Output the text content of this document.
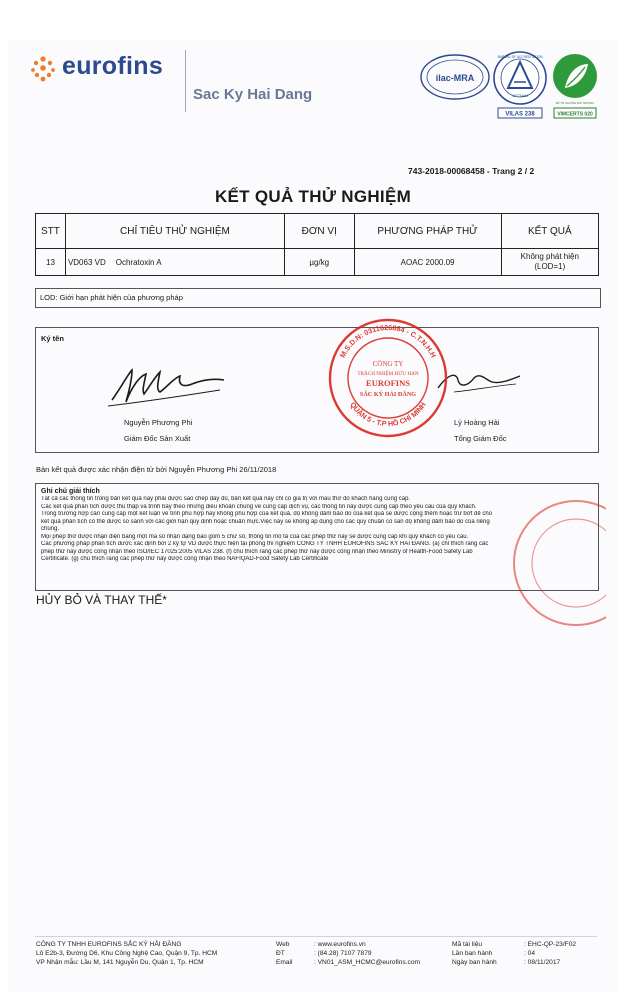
eurofins
Sac Ky Hai Dang
ilac-MRA
BUREAU OF ACCREDITATION
VIETNAM
VILAS 238
BỘ TÀI NGUYÊN MÔI TRƯỜNG
VIMCERTS 020
743-2018-00068458 - Trang 2 / 2
KẾT QUẢ THỬ NGHIỆM
STT	CHỈ TIÊU THỬ NGHIỆM		ĐƠN VỊ	PHƯƠNG PHÁP THỬ	KẾT QUẢ
13	VD063 VD	Ochratoxin A	µg/kg	AOAC 2000.09	Không phát hiện
(LOD=1)
LOD: Giới hạn phát hiện của phương pháp
Ký tên
Nguyễn Phương Phi
Giám Đốc Sản Xuất
Lý Hoàng Hải
Tổng Giám Đốc
M.S.D.N: 0311626884 - C.T.N.H.H
QUẬN 5 - T.P HỒ CHÍ MINH
CÔNG TY
TRÁCH NHIỆM HỮU HẠN
EUROFINS
SẮC KÝ HẢI ĐĂNG
Bản kết quả được xác nhận điện tử bởi Nguyễn Phương Phi 26/11/2018
Ghi chú giải thích
Tất cả các thông tin trong bản kết quả này phải được sao chép đầy đủ, bản kết quả này chỉ có giá trị với mẫu thử do khách hàng cung cấp.
Các kết quả phân tích được thu thập và trình bày theo những điều khoản chung về cung cấp dịch vụ, các thông tin này được cung cấp theo yêu cầu của quý khách.
Trong trường hợp cần cung cấp một kết luận về tính phù hợp hay không phù hợp của kết quả, độ không đảm bảo đo của kết quả sẽ được cộng thêm hoặc trừ bớt để cho
kết quả phân tích có thể được so sánh với các giới hạn quy định hoặc chuẩn mực.Việc này sẽ không áp dụng cho các quy chuẩn có sẵn độ không đảm bảo đo của riêng
chúng.
Mọi phép thử được nhận diện bằng một mã số nhận dạng bao gồm 5 chữ số, thông tin mô tả của các phép thử này sẽ được cung cấp khi quý khách có yêu cầu.
Các phương pháp phân tích được xác định bởi 2 ký tự VD được thực hiện tại phòng thí nghiệm CÔNG TY TNHH EUROFINS SẮC KÝ HẢI ĐĂNG. (a) chỉ thích rằng các
phép thử này được công nhận theo ISO/IEC 17025:2005 VILAS 238. (f) chú thích rằng các phép thử này được công nhận theo Ministry of Health-Food Safety Lab
Certificate. (g) chú thích rằng các phép thử này được công nhận theo NAFIQAD-Food Safety Lab Certificate
HỦY BỎ VÀ THAY THẾ*
CÔNG TY TNHH EUROFINS SẮC KÝ HẢI ĐĂNG
Lô E2b-3, Đường D6, Khu Công Nghệ Cao, Quận 9, Tp. HCM
VP Nhận mẫu: Lầu M, 141 Nguyễn Du, Quận 1, Tp. HCM
Web
ĐT
Email
: www.eurofins.vn
: (84.28) 7107 7879
: VN01_ASM_HCMC@eurofins.com
Mã tài liệu
Lần ban hành
Ngày ban hành
: EHC-QP-23/F02
: 04
: 08/11/2017
